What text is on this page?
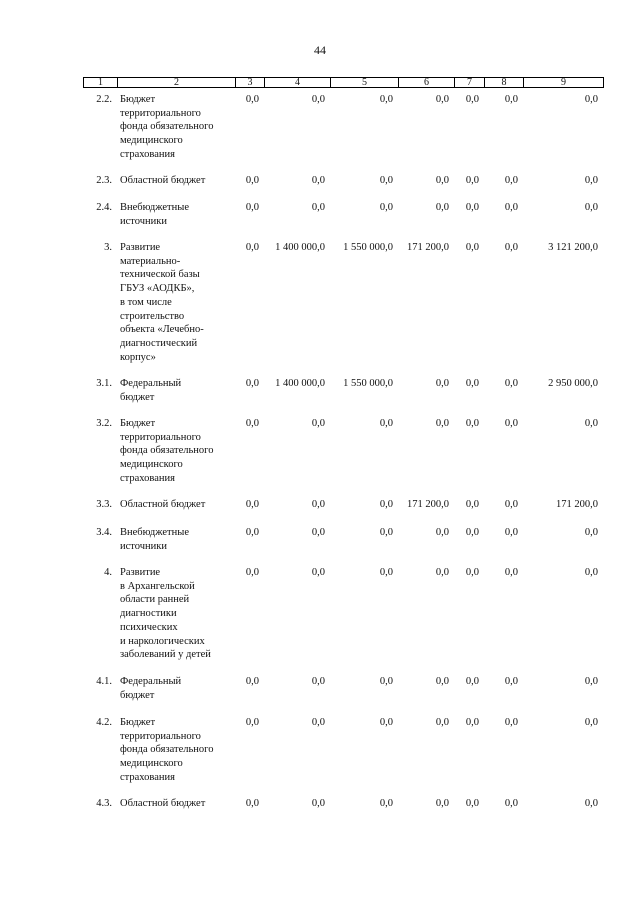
44
1	2	3	4	5	6	7	8	9
2.2. Бюджет
территориального
фонда обязательного
медицинского
страхования
0,0	0,0	0,0	0,0	0,0	0,0	0,0
2.3. Областной бюджет	0,0	0,0	0,0	0,0	0,0	0,0	0,0
2.4. Внебюджетные
источники
0,0	0,0	0,0	0,0	0,0	0,0	0,0
3. Развитие
материально-
технической базы
ГБУЗ «АОДКБ»,
в том числе
строительство
объекта «Лечебно-
диагностический
корпус»
0,0	1 400 000,0	1 550 000,0	171 200,0	0,0	0,0	3 121 200,0
3.1. Федеральный
бюджет
0,0	1 400 000,0	1 550 000,0	0,0	0,0	0,0	2 950 000,0
3.2. Бюджет
территориального
фонда обязательного
медицинского
страхования
0,0	0,0	0,0	0,0	0,0	0,0	0,0
3.3. Областной бюджет	0,0	0,0	0,0	171 200,0	0,0	0,0	171 200,0
3.4. Внебюджетные
источники
0,0	0,0	0,0	0,0	0,0	0,0	0,0
4. Развитие
в Архангельской
области ранней
диагностики
психических
и наркологических
заболеваний у детей
0,0	0,0	0,0	0,0	0,0	0,0	0,0
4.1. Федеральный
бюджет
0,0	0,0	0,0	0,0	0,0	0,0	0,0
4.2. Бюджет
территориального
фонда обязательного
медицинского
страхования
0,0	0,0	0,0	0,0	0,0	0,0	0,0
4.3. Областной бюджет	0,0	0,0	0,0	0,0	0,0	0,0	0,0
